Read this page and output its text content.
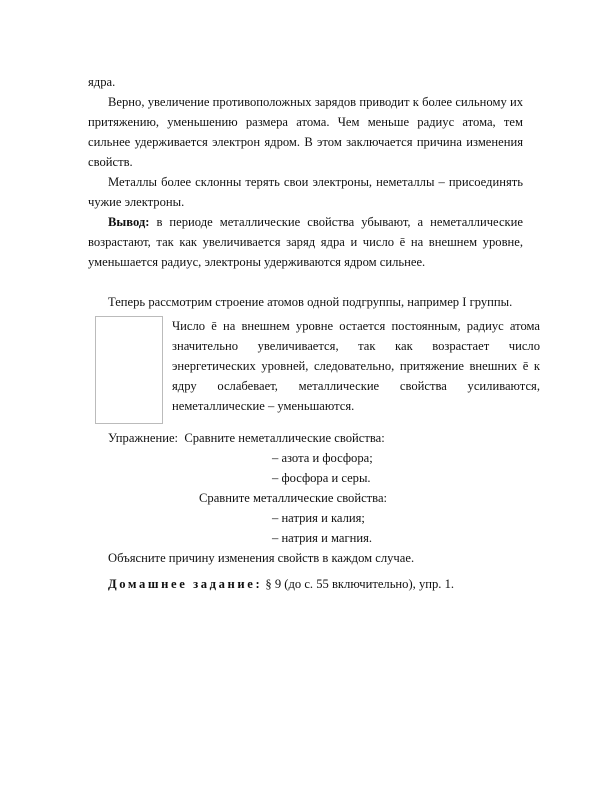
ядра.

Верно, увеличение противоположных зарядов приводит к более сильному их притяжению, уменьшению размера атома. Чем меньше радиус атома, тем сильнее удерживается электрон ядром. В этом заключается причина изменения свойств.

Металлы более склонны терять свои электроны, неметаллы – присоединять чужие электроны.

Вывод: в периоде металлические свойства убывают, а неметаллические возрастают, так как увеличивается заряд ядра и число ē на внешнем уровне, уменьшается радиус, электроны удерживаются ядром сильнее.

Теперь рассмотрим строение атомов одной подгруппы, например I группы.

Число ē на внешнем уровне остается постоянным, радиус атома значительно увеличивается, так как возрастает число энергетических уровней, следовательно, притяжение внешних ē к ядру ослабевает, металлические свойства усиливаются, неметаллические – уменьшаются.

Упражнение: Сравните неметаллические свойства:
– азота и фосфора;
– фосфора и серы.
Сравните металлические свойства:
– натрия и калия;
– натрия и магния.
Объясните причину изменения свойств в каждом случае.
Домашнее задание: § 9 (до с. 55 включительно), упр. 1.
